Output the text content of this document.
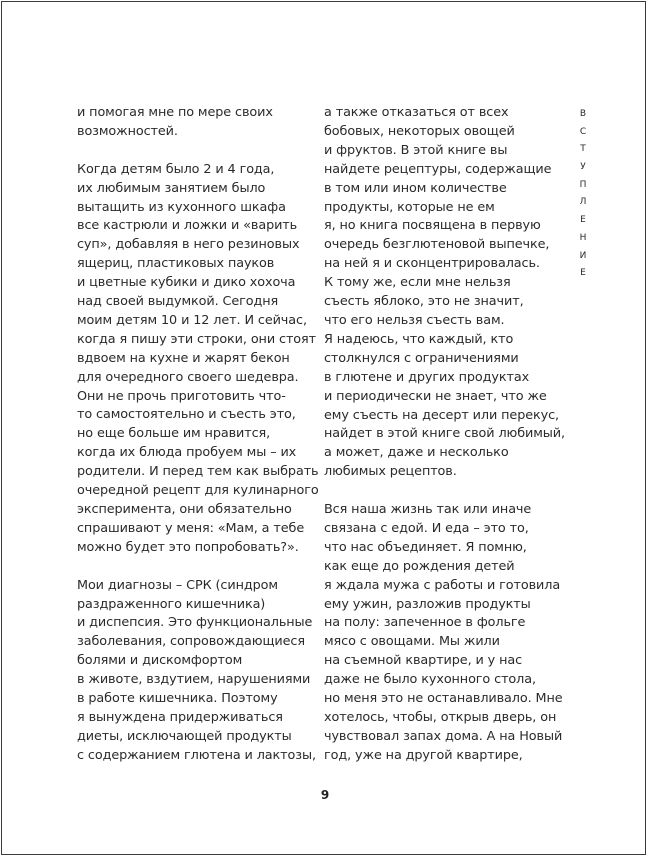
и помогая мне по мере своих
возможностей.
Когда детям было 2 и 4 года,
их любимым занятием было
вытащить из кухонного шкафа
все кастрюли и ложки и «варить
суп», добавляя в него резиновых
ящериц, пластиковых пауков
и цветные кубики и дико хохоча
над своей выдумкой. Сегодня
моим детям 10 и 12 лет. И сейчас,
когда я пишу эти строки, они стоят
вдвоем на кухне и жарят бекон
для очередного своего шедевра.
Они не прочь приготовить что-
то самостоятельно и съесть это,
но еще больше им нравится,
когда их блюда пробуем мы – их
родители. И перед тем как выбрать
очередной рецепт для кулинарного
эксперимента, они обязательно
спрашивают у меня: «Мам, а тебе
можно будет это попробовать?».
Мои диагнозы – СРК (синдром
раздраженного кишечника)
и диспепсия. Это функциональные
заболевания, сопровождающиеся
болями и дискомфортом
в животе, вздутием, нарушениями
в работе кишечника. Поэтому
я вынуждена придерживаться
диеты, исключающей продукты
с содержанием глютена и лактозы,
а также отказаться от всех
бобовых, некоторых овощей
и фруктов. В этой книге вы
найдете рецептуры, содержащие
в том или ином количестве
продукты, которые не ем
я, но книга посвящена в первую
очередь безглютеновой выпечке,
на ней я и сконцентрировалась.
К тому же, если мне нельзя
съесть яблоко, это не значит,
что его нельзя съесть вам.
Я надеюсь, что каждый, кто
столкнулся с ограничениями
в глютене и других продуктах
и периодически не знает, что же
ему съесть на десерт или перекус,
найдет в этой книге свой любимый,
а может, даже и несколько
любимых рецептов.
Вся наша жизнь так или иначе
связана с едой. И еда – это то,
что нас объединяет. Я помню,
как еще до рождения детей
я ждала мужа с работы и готовила
ему ужин, разложив продукты
на полу: запеченное в фольге
мясо с овощами. Мы жили
на съемной квартире, и у нас
даже не было кухонного стола,
но меня это не останавливало. Мне
хотелось, чтобы, открыв дверь, он
чувствовал запах дома. А на Новый
год, уже на другой квартире,
В
С
Т
У
П
Л
Е
Н
И
Е
9
